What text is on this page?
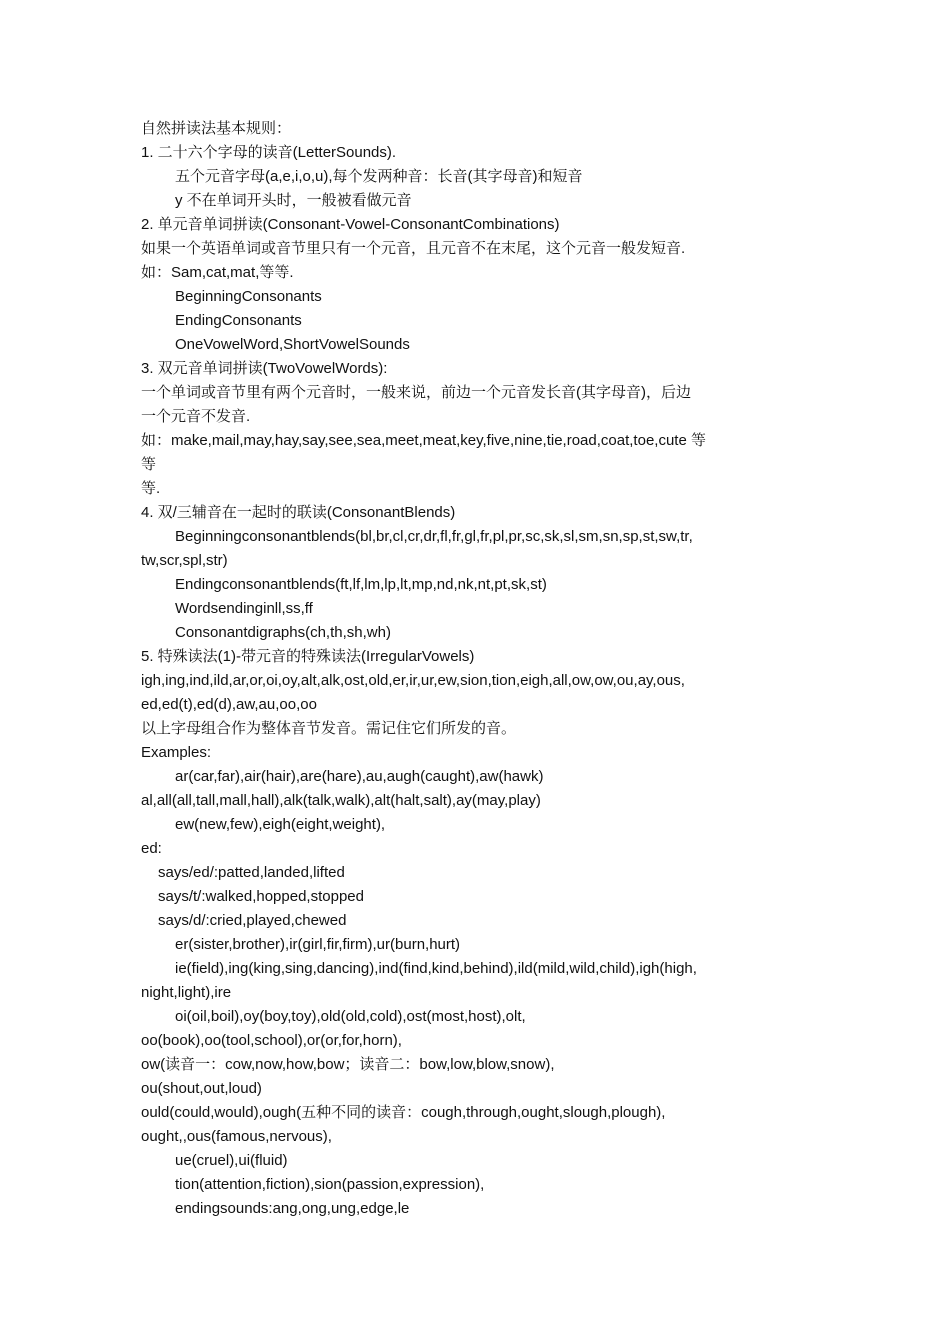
自然拼读法基本规则：
1. 二十六个字母的读音(LetterSounds).
五个元音字母(a,e,i,o,u),每个发两种音：长音(其字母音)和短音
y 不在单词开头时，一般被看做元音
2. 单元音单词拼读(Consonant-Vowel-ConsonantCombinations)
如果一个英语单词或音节里只有一个元音，且元音不在末尾，这个元音一般发短音.
如：Sam,cat,mat,等等.
BeginningConsonants
EndingConsonants
OneVowelWord,ShortVowelSounds
3. 双元音单词拼读(TwoVowelWords):
一个单词或音节里有两个元音时，一般来说，前边一个元音发长音(其字母音)，后边
一个元音不发音.
如：make,mail,may,hay,say,see,sea,meet,meat,key,five,nine,tie,road,coat,toe,cute 等
等
等.
4. 双/三辅音在一起时的联读(ConsonantBlends)
Beginningconsonantblends(bl,br,cl,cr,dr,fl,fr,gl,fr,pl,pr,sc,sk,sl,sm,sn,sp,st,sw,tr,
tw,scr,spl,str)
Endingconsonantblends(ft,lf,lm,lp,lt,mp,nd,nk,nt,pt,sk,st)
Wordsendinginll,ss,ff
Consonantdigraphs(ch,th,sh,wh)
5. 特殊读法(1)-带元音的特殊读法(IrregularVowels)
igh,ing,ind,ild,ar,or,oi,oy,alt,alk,ost,old,er,ir,ur,ew,sion,tion,eigh,all,ow,ow,ou,ay,ous,
ed,ed(t),ed(d),aw,au,oo,oo
以上字母组合作为整体音节发音。需记住它们所发的音。
Examples:
ar(car,far),air(hair),are(hare),au,augh(caught),aw(hawk)
al,all(all,tall,mall,hall),alk(talk,walk),alt(halt,salt),ay(may,play)
ew(new,few),eigh(eight,weight),
ed:
says/ed/:patted,landed,lifted
says/t/:walked,hopped,stopped
says/d/:cried,played,chewed
er(sister,brother),ir(girl,fir,firm),ur(burn,hurt)
ie(field),ing(king,sing,dancing),ind(find,kind,behind),ild(mild,wild,child),igh(high,
night,light),ire
oi(oil,boil),oy(boy,toy),old(old,cold),ost(most,host),olt,
oo(book),oo(tool,school),or(or,for,horn),
ow(读音一：cow,now,how,bow；读音二：bow,low,blow,snow),
ou(shout,out,loud)
ould(could,would),ough(五种不同的读音：cough,through,ought,slough,plough),
ought,,ous(famous,nervous),
ue(cruel),ui(fluid)
tion(attention,fiction),sion(passion,expression),
endingsounds:ang,ong,ung,edge,le
